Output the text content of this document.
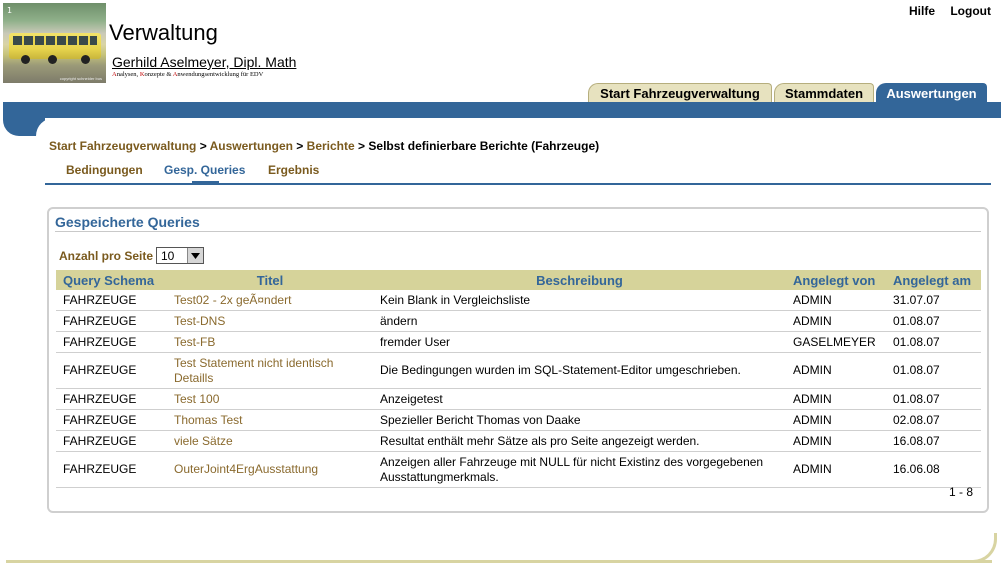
1
copyright schneider bus
Verwaltung
Gerhild Aselmeyer, Dipl. Math
Analysen, Konzepte & Anwendungsentwicklung für EDV
Hilfe Logout
Start Fahrzeugverwaltung	Stammdaten	Auswertungen
Start Fahrzeugverwaltung > Auswertungen > Berichte > Selbst definierbare Berichte (Fahrzeuge)
Bedingungen Gesp. Queries Ergebnis
Gespeicherte Queries
Anzahl pro Seite 10
Query Schema	Titel	Beschreibung	Angelegt von	Angelegt am
FAHRZEUGE	Test02 - 2x geÃ¤ndert	Kein Blank in Vergleichsliste	ADMIN	31.07.07
FAHRZEUGE	Test-DNS	ändern	ADMIN	01.08.07
FAHRZEUGE	Test-FB	fremder User	GASELMEYER	01.08.07
FAHRZEUGE	Test Statement nicht identisch Detaills	Die Bedingungen wurden im SQL-Statement-Editor umgeschrieben.	ADMIN	01.08.07
FAHRZEUGE	Test 100	Anzeigetest	ADMIN	01.08.07
FAHRZEUGE	Thomas Test	Spezieller Bericht Thomas von Daake	ADMIN	02.08.07
FAHRZEUGE	viele Sätze	Resultat enthält mehr Sätze als pro Seite angezeigt werden.	ADMIN	16.08.07
FAHRZEUGE	OuterJoint4ErgAusstattung	Anzeigen aller Fahrzeuge mit NULL für nicht Existinz des vorgegebenen Ausstattungmerkmals.	ADMIN	16.06.08
1 - 8
